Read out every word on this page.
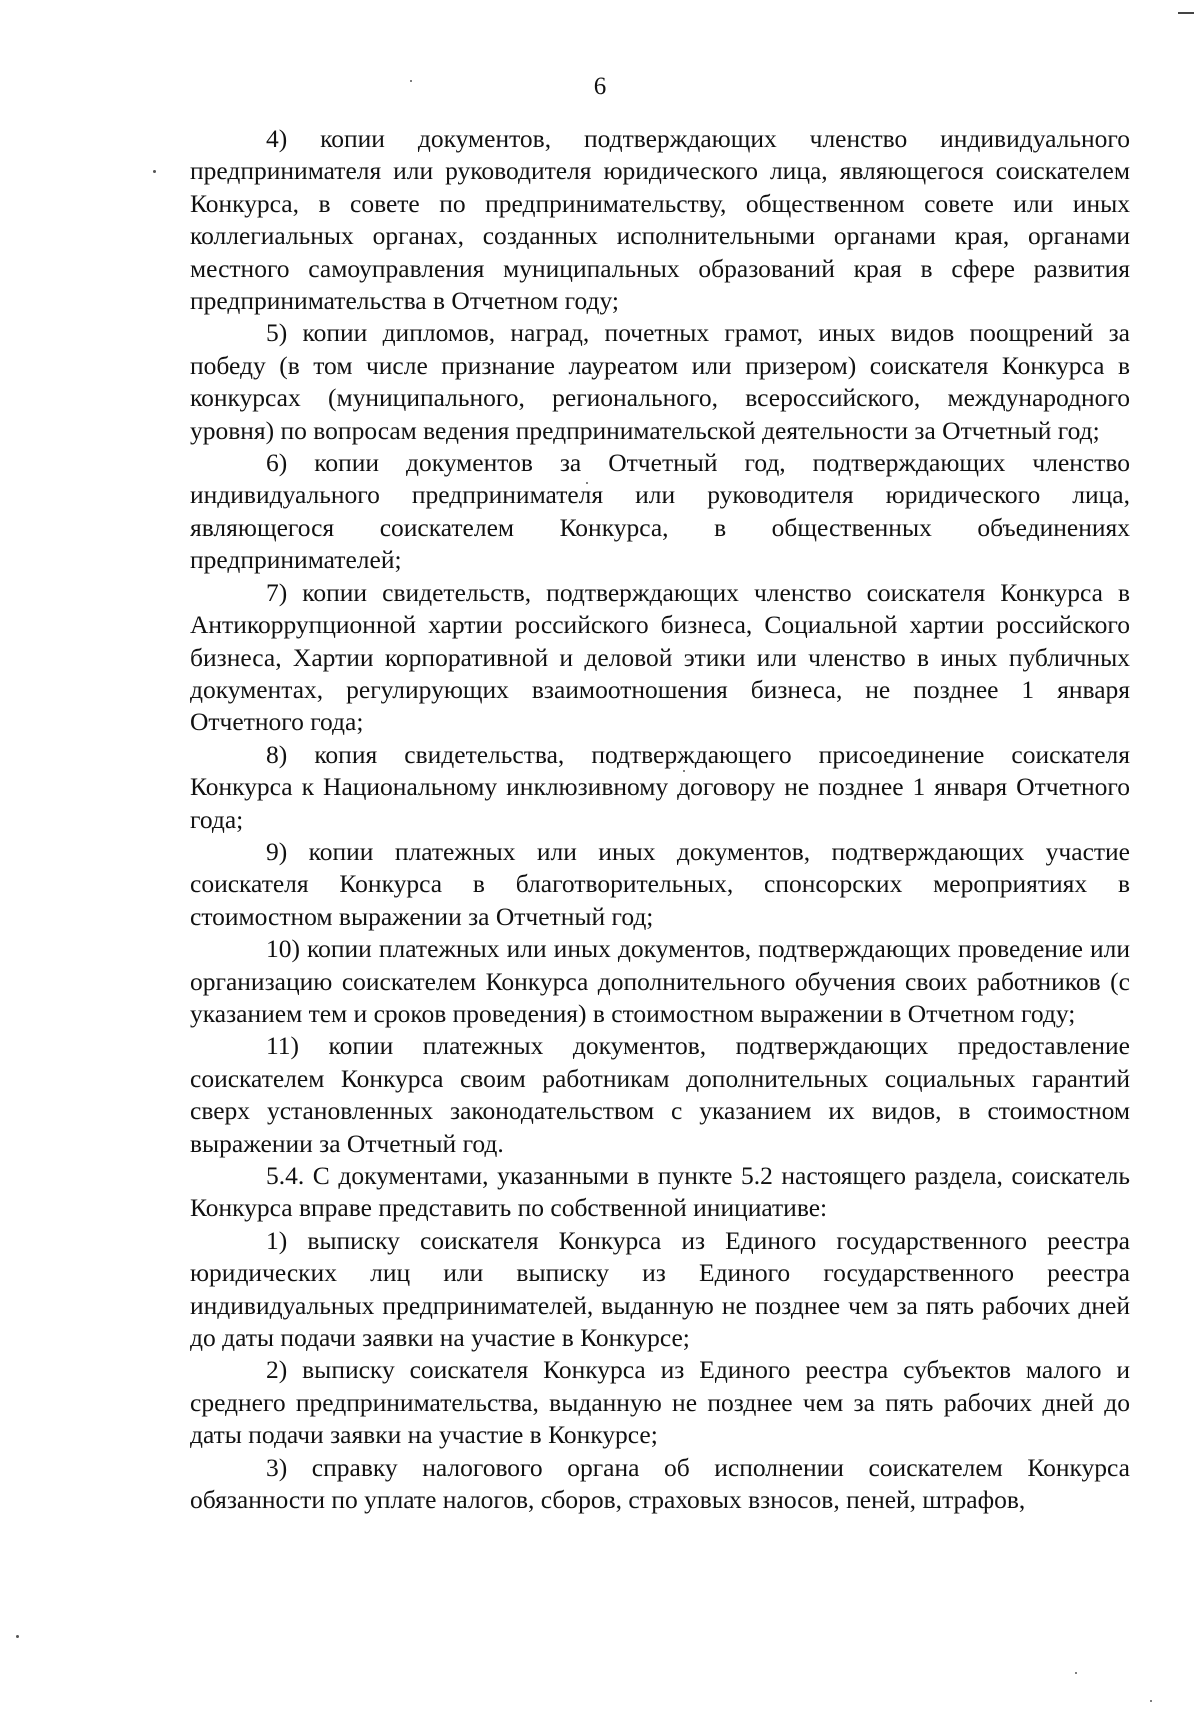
6

4) копии документов, подтверждающих членство индивидуального предпринимателя или руководителя юридического лица, являющегося соискателем Конкурса, в совете по предпринимательству, общественном совете или иных коллегиальных органах, созданных исполнительными органами края, органами местного самоуправления муниципальных образований края в сфере развития предпринимательства в Отчетном году;

5) копии дипломов, наград, почетных грамот, иных видов поощрений за победу (в том числе признание лауреатом или призером) соискателя Конкурса в конкурсах (муниципального, регионального, всероссийского, международного уровня) по вопросам ведения предпринимательской деятельности за Отчетный год;

6) копии документов за Отчетный год, подтверждающих членство индивидуального предпринимателя или руководителя юридического лица, являющегося соискателем Конкурса, в общественных объединениях предпринимателей;

7) копии свидетельств, подтверждающих членство соискателя Конкурса в Антикоррупционной хартии российского бизнеса, Социальной хартии российского бизнеса, Хартии корпоративной и деловой этики или членство в иных публичных документах, регулирующих взаимоотношения бизнеса, не позднее 1 января Отчетного года;

8) копия свидетельства, подтверждающего присоединение соискателя Конкурса к Национальному инклюзивному договору не позднее 1 января Отчетного года;

9) копии платежных или иных документов, подтверждающих участие соискателя Конкурса в благотворительных, спонсорских мероприятиях в стоимостном выражении за Отчетный год;

10) копии платежных или иных документов, подтверждающих проведение или организацию соискателем Конкурса дополнительного обучения своих работников (с указанием тем и сроков проведения) в стоимостном выражении в Отчетном году;

11) копии платежных документов, подтверждающих предоставление соискателем Конкурса своим работникам дополнительных социальных гарантий сверх установленных законодательством с указанием их видов, в стоимостном выражении за Отчетный год.

5.4. С документами, указанными в пункте 5.2 настоящего раздела, соискатель Конкурса вправе представить по собственной инициативе:

1) выписку соискателя Конкурса из Единого государственного реестра юридических лиц или выписку из Единого государственного реестра индивидуальных предпринимателей, выданную не позднее чем за пять рабочих дней до даты подачи заявки на участие в Конкурсе;

2) выписку соискателя Конкурса из Единого реестра субъектов малого и среднего предпринимательства, выданную не позднее чем за пять рабочих дней до даты подачи заявки на участие в Конкурсе;

3) справку налогового органа об исполнении соискателем Конкурса обязанности по уплате налогов, сборов, страховых взносов, пеней, штрафов,
